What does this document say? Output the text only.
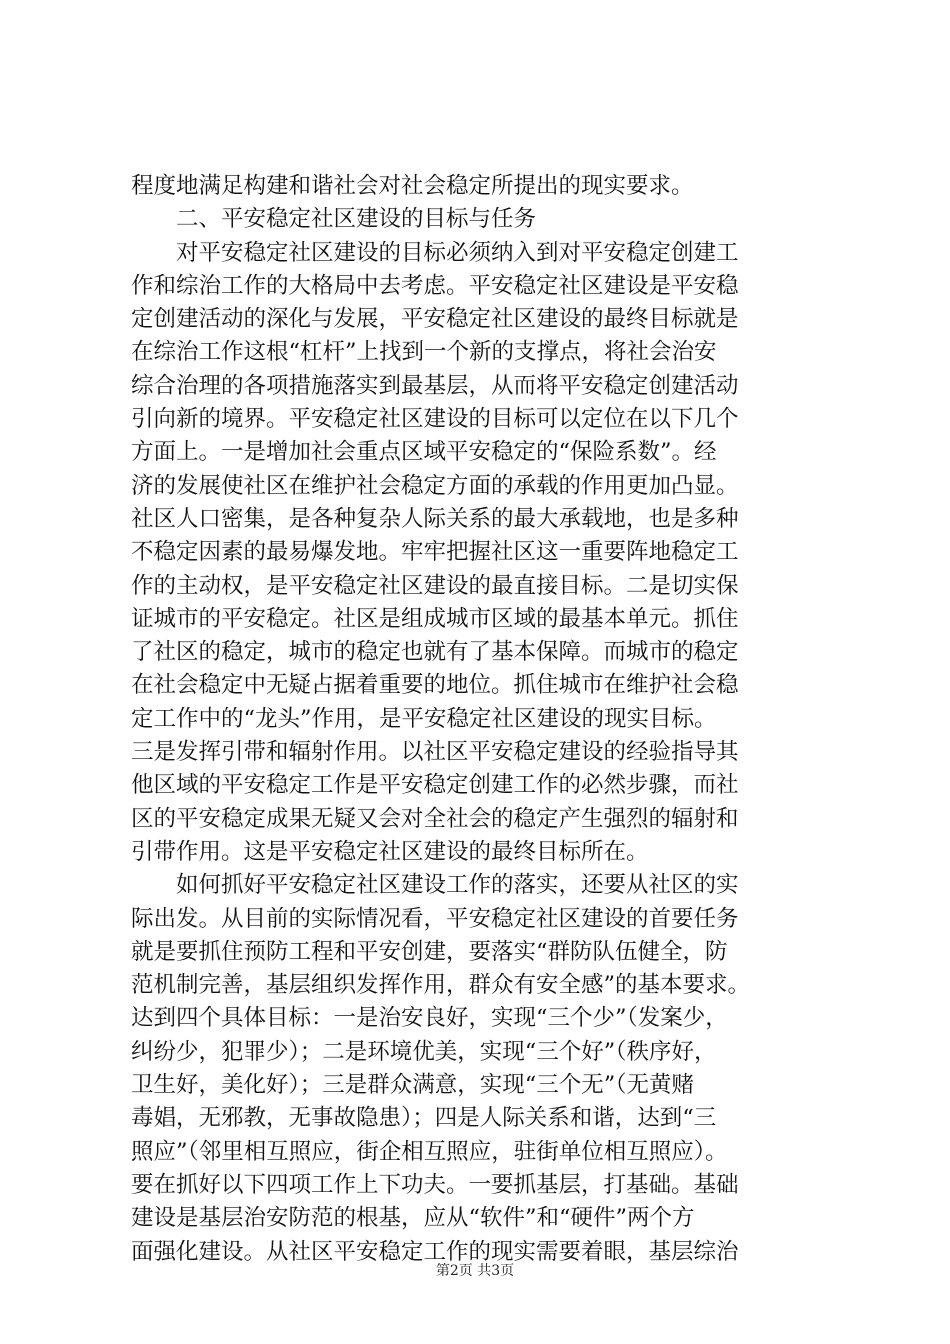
程度地满足构建和谐社会对社会稳定所提出的现实要求。
　　二、平安稳定社区建设的目标与任务
　　对平安稳定社区建设的目标必须纳入到对平安稳定创建工
作和综治工作的大格局中去考虑。平安稳定社区建设是平安稳
定创建活动的深化与发展，平安稳定社区建设的最终目标就是
在综治工作这根“杠杆”上找到一个新的支撑点，将社会治安
综合治理的各项措施落实到最基层，从而将平安稳定创建活动
引向新的境界。平安稳定社区建设的目标可以定位在以下几个
方面上。一是增加社会重点区域平安稳定的“保险系数”。经
济的发展使社区在维护社会稳定方面的承载的作用更加凸显。
社区人口密集，是各种复杂人际关系的最大承载地，也是多种
不稳定因素的最易爆发地。牢牢把握社区这一重要阵地稳定工
作的主动权，是平安稳定社区建设的最直接目标。二是切实保
证城市的平安稳定。社区是组成城市区域的最基本单元。抓住
了社区的稳定，城市的稳定也就有了基本保障。而城市的稳定
在社会稳定中无疑占据着重要的地位。抓住城市在维护社会稳
定工作中的“龙头”作用，是平安稳定社区建设的现实目标。
三是发挥引带和辐射作用。以社区平安稳定建设的经验指导其
他区域的平安稳定工作是平安稳定创建工作的必然步骤，而社
区的平安稳定成果无疑又会对全社会的稳定产生强烈的辐射和
引带作用。这是平安稳定社区建设的最终目标所在。
　　如何抓好平安稳定社区建设工作的落实，还要从社区的实
际出发。从目前的实际情况看，平安稳定社区建设的首要任务
就是要抓住预防工程和平安创建，要落实“群防队伍健全，防
范机制完善，基层组织发挥作用，群众有安全感”的基本要求。
达到四个具体目标：一是治安良好，实现“三个少”（发案少，
纠纷少，犯罪少）；二是环境优美，实现“三个好”（秩序好，
卫生好，美化好）；三是群众满意，实现“三个无”（无黄赌
毒娼，无邪教，无事故隐患）；四是人际关系和谐，达到“三
照应”（邻里相互照应，街企相互照应，驻街单位相互照应）。
要在抓好以下四项工作上下功夫。一要抓基层，打基础。基础
建设是基层治安防范的根基，应从“软件”和“硬件”两个方
面强化建设。从社区平安稳定工作的现实需要着眼，基层综治
第2页 共3页
